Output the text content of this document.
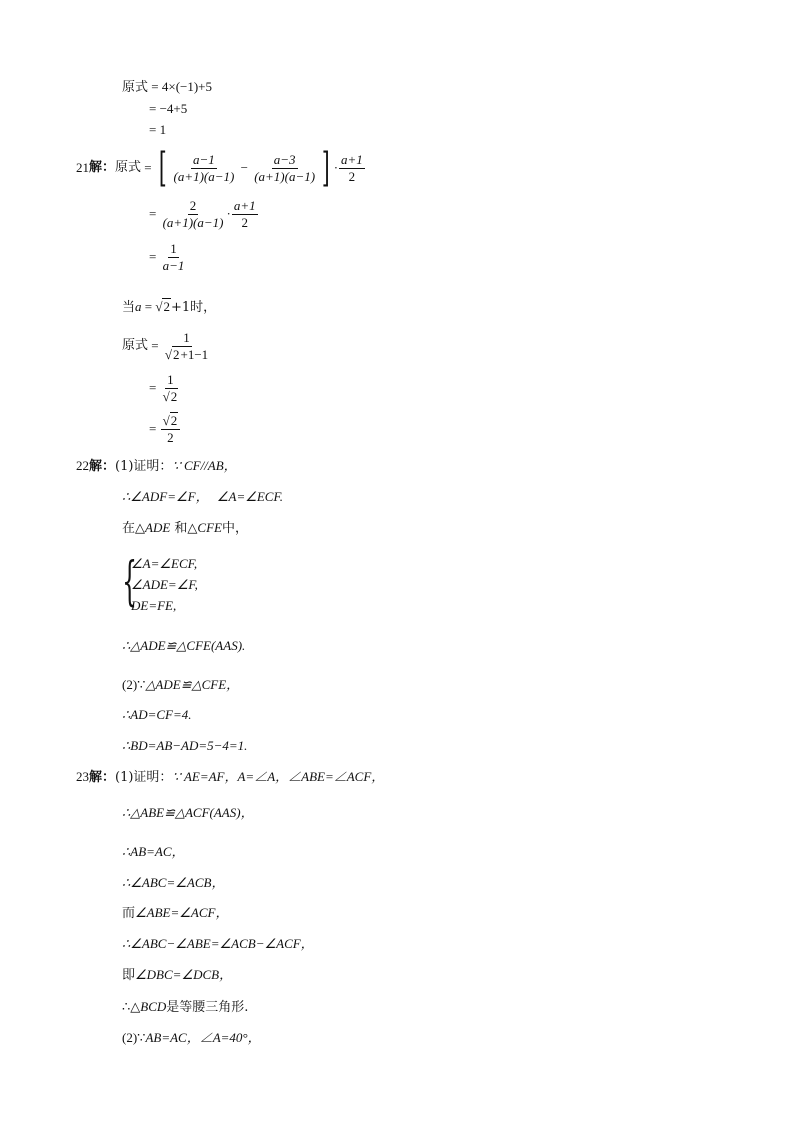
原式 = 4×(−1)+5
= −4+5
= 1
21 解： 原式 = [ $\frac{a-1}{(a+1)(a-1)} - \frac{a-3}{(a+1)(a-1)}$ ] · $\frac{a+1}{2}$
= $\frac{2}{(a+1)(a-1)} \cdot \frac{a+1}{2}$
= $\frac{1}{a-1}$
当a = √2+1时，
原式 = $\frac{1}{√2+1-1}$
= $\frac{1}{√2}$
= $\frac{√2}{2}$
22解：(1)证明：∵ CF//AB，
∴∠ADF=∠F， ∠A=∠ECF.
在△ADE 和△CFE中，
{
∠A=∠ECF,
∠ADE=∠F,
DE=FE,
∴△ADE≌△CFE(AAS).
(2)∵△ADE≌△CFE，
∴AD=CF=4.
∴BD=AB−AD=5−4=1.
23解：(1)证明：∵ AE=AF，A=∠A，∠ABE=∠ACF，
∴△ABE≌△ACF(AAS)，
∴AB=AC，
∴∠ABC=∠ACB，
而∠ABE=∠ACF，
∴∠ABC−∠ABE=∠ACB−∠ACF，
即∠DBC=∠DCB，
∴△BCD是等腰三角形.
(2)∵AB=AC，∠A=40°，
